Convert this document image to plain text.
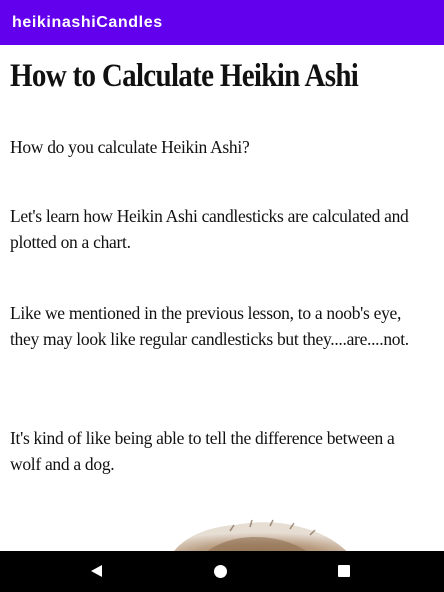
heikinashiCandles
How to Calculate Heikin Ashi

How do you calculate Heikin Ashi?

Let's learn how Heikin Ashi candlesticks are calculated and plotted on a chart.

Like we mentioned in the previous lesson, to a noob's eye, they may look like regular candlesticks but they....are....not.

It's kind of like being able to tell the difference between a wolf and a dog.
